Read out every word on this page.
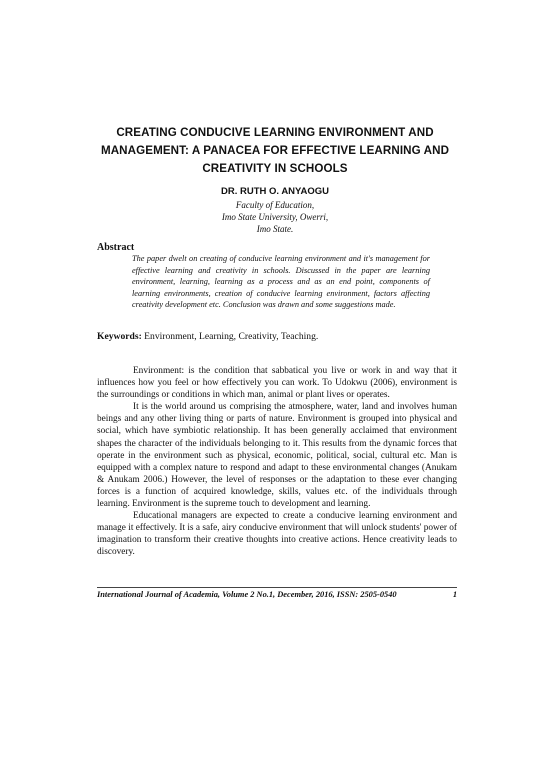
CREATING CONDUCIVE LEARNING ENVIRONMENT AND MANAGEMENT: A PANACEA FOR EFFECTIVE LEARNING AND CREATIVITY IN SCHOOLS
DR. RUTH O. ANYAOGU
Faculty of Education,
Imo State University, Owerri,
Imo State.
Abstract
The paper dwelt on creating of conducive learning environment and it's management for effective learning and creativity in schools. Discussed in the paper are learning environment, learning, learning as a process and as an end point, components of learning environments, creation of conducive learning environment, factors affecting creativity development etc. Conclusion was drawn and some suggestions made.
Keywords: Environment, Learning, Creativity, Teaching.

Environment: is the condition that sabbatical you live or work in and way that it influences how you feel or how effectively you can work. To Udokwu (2006), environment is the surroundings or conditions in which man, animal or plant lives or operates.

It is the world around us comprising the atmosphere, water, land and involves human beings and any other living thing or parts of nature. Environment is grouped into physical and social, which have symbiotic relationship. It has been generally acclaimed that environment shapes the character of the individuals belonging to it. This results from the dynamic forces that operate in the environment such as physical, economic, political, social, cultural etc. Man is equipped with a complex nature to respond and adapt to these environmental changes (Anukam & Anukam 2006.) However, the level of responses or the adaptation to these ever changing forces is a function of acquired knowledge, skills, values etc. of the individuals through learning. Environment is the supreme touch to development and learning.

Educational managers are expected to create a conducive learning environment and manage it effectively. It is a safe, airy conducive environment that will unlock students' power of imagination to transform their creative thoughts into creative actions. Hence creativity leads to discovery.

International Journal of Academia, Volume 2 No.1, December, 2016, ISSN: 2505-0540	1
